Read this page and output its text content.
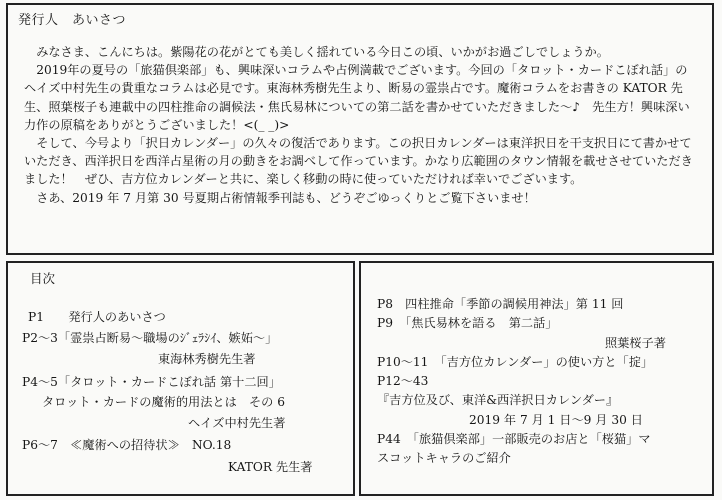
発行人　あいさつ

みなさま、こんにちは。紫陽花の花がとても美しく揺れている今日この頃、いかがお過ごしでしょうか。

2019年の夏号の「旅猫倶楽部」も、興味深いコラムや占例満載でございます。今回の「タロット・カードこぼれ話」のヘイズ中村先生の貴重なコラムは必見です。東海林秀樹先生より、断易の霊祟占です。魔術コラムをお書きの KATOR 先生、照葉桜子も連載中の四柱推命の調候法・焦氏易林についての第二話を書かせていただきました～♪　先生方！興味深い力作の原稿をありがとうございました！<(_ _)>

そして、今号より「択日カレンダー」の久々の復活であります。この択日カレンダーは東洋択日を干支択日にて書かせていただき、西洋択日を西洋占星術の月の動きをお調べして作っています。かなり広範囲のタウン情報を載せさせていただきました！　ぜひ、吉方位カレンダーと共に、楽しく移動の時に使っていただければ幸いでございます。

さあ、2019 年 7 月第 30 号夏期占術情報季刊誌も、どうぞごゆっくりとご覧下さいませ！

目次
P1　　発行人のあいさつ
P2～3「霊祟占断易～職場のｼﾞｪﾗｼｲ、嫉妬～」
東海林秀樹先生著
P4～5「タロット・カードこぼれ話 第十二回」
タロット・カードの魔術的用法とは　その 6
ヘイズ中村先生著
P6～7　≪魔術への招待状≫　NO.18
KATOR 先生著
P8　四柱推命「季節の調候用神法」第 11 回
P9　「焦氏易林を語る　第二話」
照葉桜子著
P10～11　「吉方位カレンダー」の使い方と「掟」
P12～43
『吉方位及び、東洋&西洋択日カレンダー』
2019 年 7 月 1 日～9 月 30 日
P44　「旅猫倶楽部」一部販売のお店と「桜猫」マ
スコットキャラのご紹介
